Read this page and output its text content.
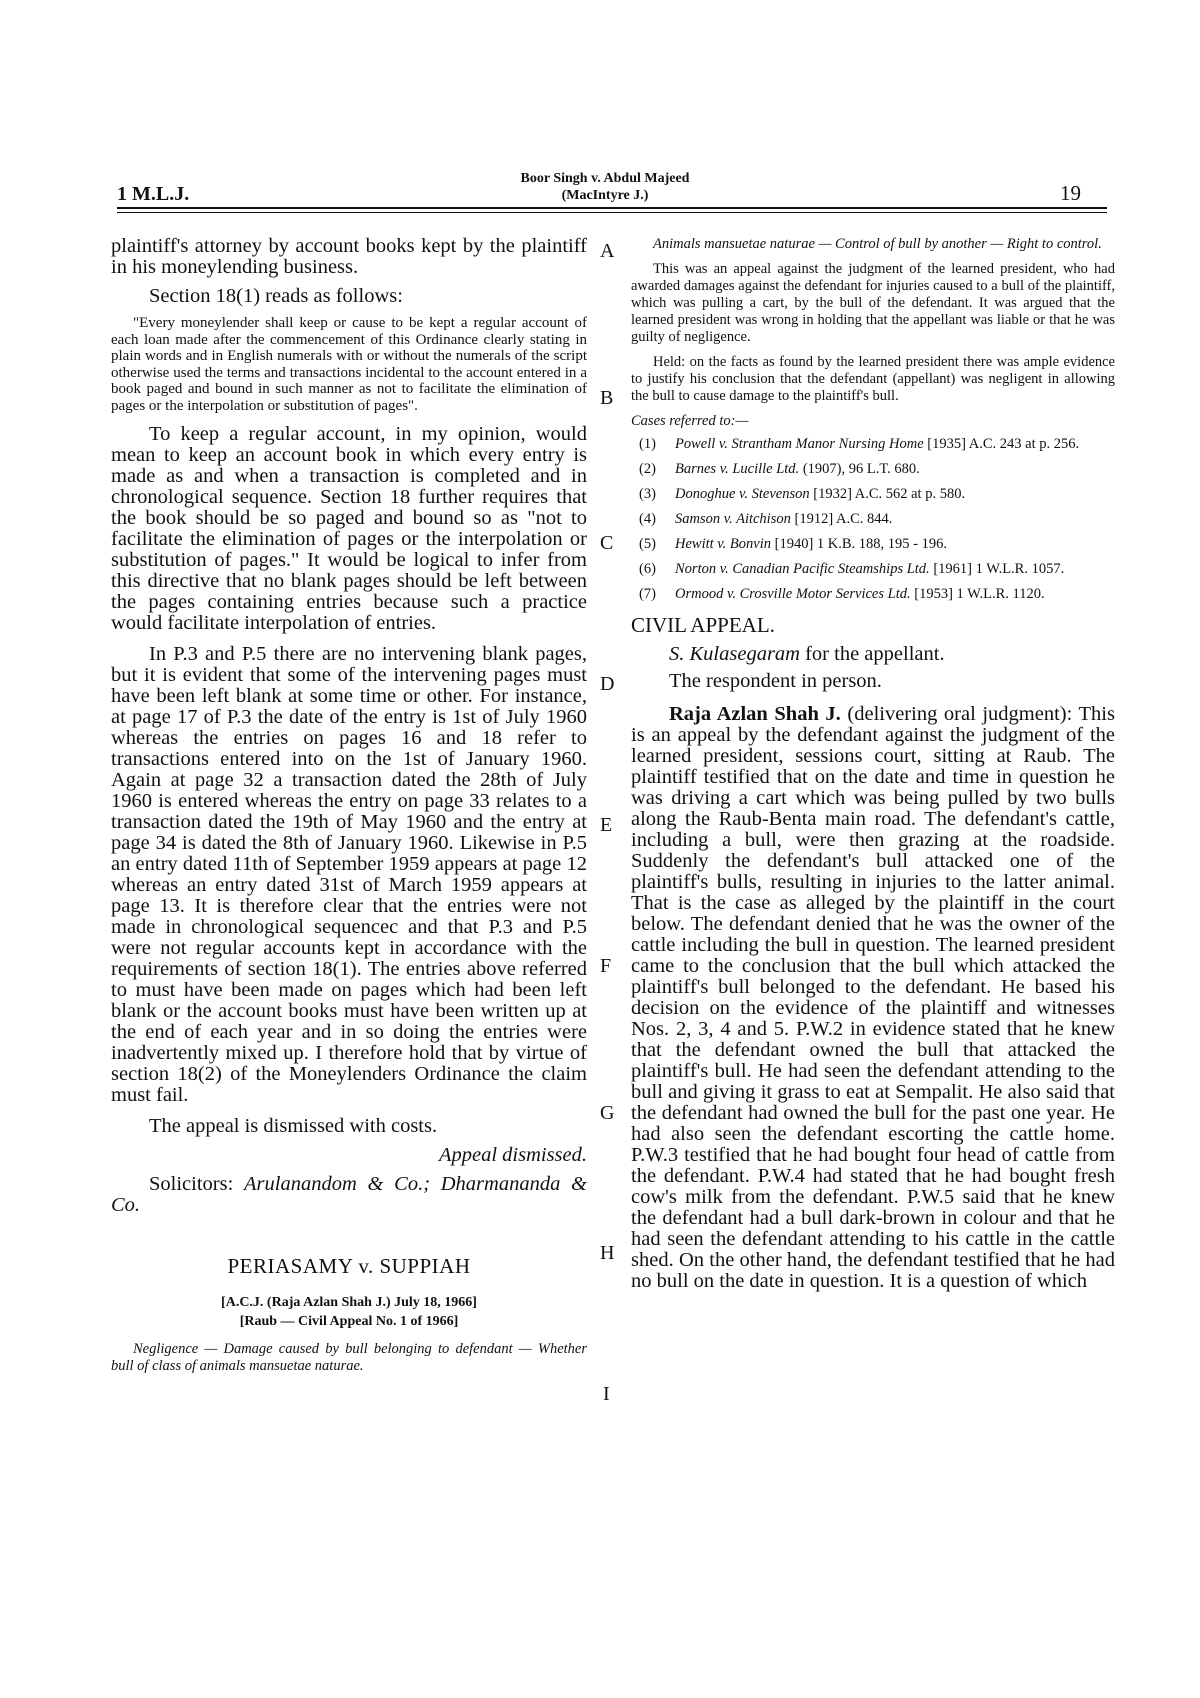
1 M.L.J.
Boor Singh v. Abdul Majeed
(MacIntyre J.)	19
A
B
C
D
E
F
G
H
I

plaintiff's attorney by account books kept by the plaintiff in his moneylending business.

Section 18(1) reads as follows:

"Every moneylender shall keep or cause to be kept a regular account of each loan made after the commencement of this Ordinance clearly stating in plain words and in English numerals with or without the numerals of the script otherwise used the terms and transactions incidental to the account entered in a book paged and bound in such manner as not to facilitate the elimination of pages or the interpolation or substitution of pages".

To keep a regular account, in my opinion, would mean to keep an account book in which every entry is made as and when a transaction is completed and in chronological sequence. Section 18 further requires that the book should be so paged and bound so as "not to facilitate the elimination of pages or the interpolation or substitution of pages." It would be logical to infer from this directive that no blank pages should be left between the pages containing entries because such a practice would facilitate interpolation of entries.

In P.3 and P.5 there are no intervening blank pages, but it is evident that some of the intervening pages must have been left blank at some time or other. For instance, at page 17 of P.3 the date of the entry is 1st of July 1960 whereas the entries on pages 16 and 18 refer to transactions entered into on the 1st of January 1960. Again at page 32 a transaction dated the 28th of July 1960 is entered whereas the entry on page 33 relates to a transaction dated the 19th of May 1960 and the entry at page 34 is dated the 8th of January 1960. Likewise in P.5 an entry dated 11th of September 1959 appears at page 12 whereas an entry dated 31st of March 1959 appears at page 13. It is therefore clear that the entries were not made in chronological sequencec and that P.3 and P.5 were not regular accounts kept in accordance with the requirements of section 18(1). The entries above referred to must have been made on pages which had been left blank or the account books must have been written up at the end of each year and in so doing the entries were inadvertently mixed up. I therefore hold that by virtue of section 18(2) of the Moneylenders Ordinance the claim must fail.

The appeal is dismissed with costs.

Appeal dismissed.

Solicitors: Arulanandom & Co.; Dharmananda & Co.

PERIASAMY v. SUPPIAH
[A.C.J. (Raja Azlan Shah J.) July 18, 1966]
[Raub — Civil Appeal No. 1 of 1966]

Negligence — Damage caused by bull belonging to defendant — Whether bull of class of animals mansuetae naturae.

Animals mansuetae naturae — Control of bull by another — Right to control.

This was an appeal against the judgment of the learned president, who had awarded damages against the defendant for injuries caused to a bull of the plaintiff, which was pulling a cart, by the bull of the defendant. It was argued that the learned president was wrong in holding that the appellant was liable or that he was guilty of negligence.

Held: on the facts as found by the learned president there was ample evidence to justify his conclusion that the defendant (appellant) was negligent in allowing the bull to cause damage to the plaintiff's bull.

Cases referred to:—

(1)	Powell v. Strantham Manor Nursing Home [1935] A.C. 243 at p. 256.
(2)	Barnes v. Lucille Ltd. (1907), 96 L.T. 680.
(3)	Donoghue v. Stevenson [1932] A.C. 562 at p. 580.
(4)	Samson v. Aitchison [1912] A.C. 844.
(5)	Hewitt v. Bonvin [1940] 1 K.B. 188, 195 - 196.
(6)	Norton v. Canadian Pacific Steamships Ltd. [1961] 1 W.L.R. 1057.
(7)	Ormood v. Crosville Motor Services Ltd. [1953] 1 W.L.R. 1120.
CIVIL APPEAL.

S. Kulasegaram for the appellant.

The respondent in person.

Raja Azlan Shah J. (delivering oral judgment): This is an appeal by the defendant against the judgment of the learned president, sessions court, sitting at Raub. The plaintiff testified that on the date and time in question he was driving a cart which was being pulled by two bulls along the Raub-Benta main road. The defendant's cattle, including a bull, were then grazing at the roadside. Suddenly the defendant's bull attacked one of the plaintiff's bulls, resulting in injuries to the latter animal. That is the case as alleged by the plaintiff in the court below. The defendant denied that he was the owner of the cattle including the bull in question. The learned president came to the conclusion that the bull which attacked the plaintiff's bull belonged to the defendant. He based his decision on the evidence of the plaintiff and witnesses Nos. 2, 3, 4 and 5. P.W.2 in evidence stated that he knew that the defendant owned the bull that attacked the plaintiff's bull. He had seen the defendant attending to the bull and giving it grass to eat at Sempalit. He also said that the defendant had owned the bull for the past one year. He had also seen the defendant escorting the cattle home. P.W.3 testified that he had bought four head of cattle from the defendant. P.W.4 had stated that he had bought fresh cow's milk from the defendant. P.W.5 said that he knew the defendant had a bull dark-brown in colour and that he had seen the defendant attending to his cattle in the cattle shed. On the other hand, the defendant testified that he had no bull on the date in question. It is a question of which
